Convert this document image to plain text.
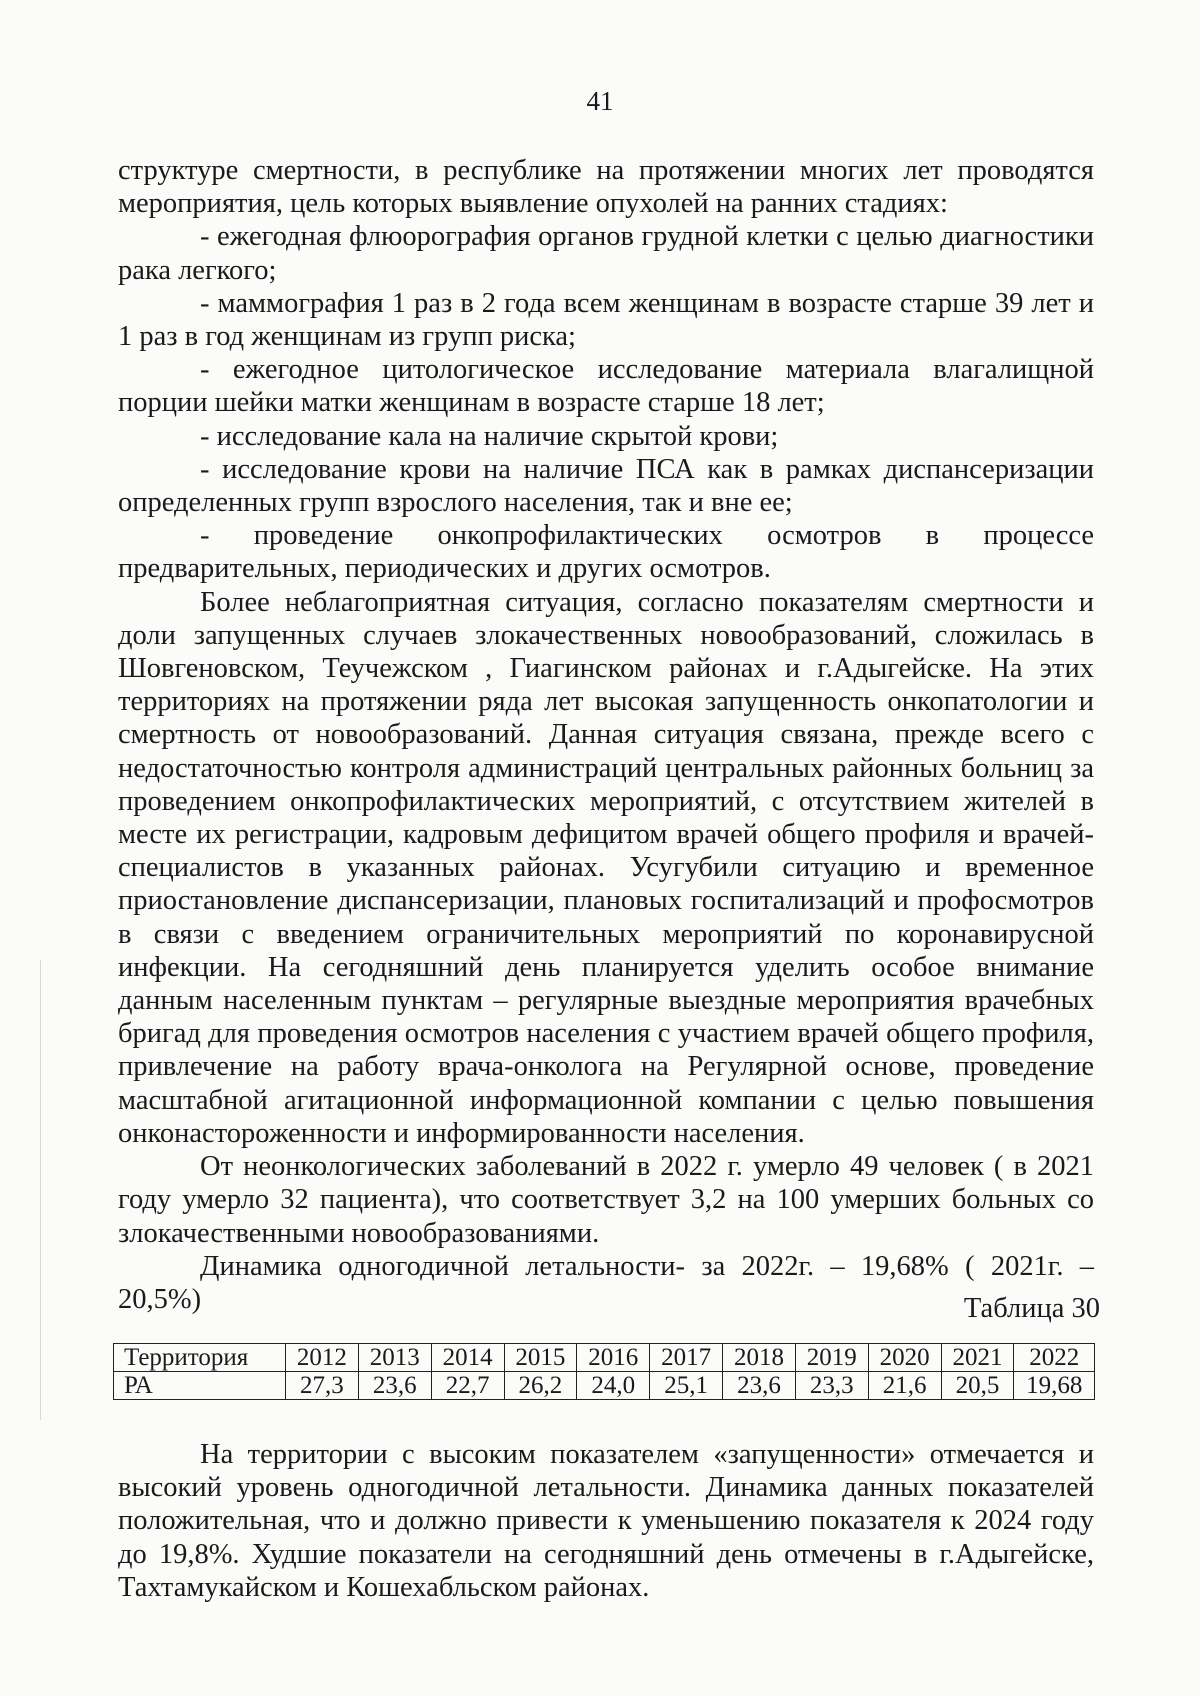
41

структуре смертности, в республике на протяжении многих лет проводятся мероприятия, цель которых выявление опухолей на ранних стадиях:

- ежегодная флюорография органов грудной клетки с целью диагностики рака легкого;

- маммография 1 раз в 2 года всем женщинам в возрасте старше 39 лет и 1 раз в год женщинам из групп риска;

- ежегодное цитологическое исследование материала влагалищной порции шейки матки женщинам в возрасте старше 18 лет;

- исследование кала на наличие скрытой крови;

- исследование крови на наличие ПСА как в рамках диспансеризации определенных групп взрослого населения, так и вне ее;

- проведение онкопрофилактических осмотров в процессе предварительных, периодических и других осмотров.

Более неблагоприятная ситуация, согласно показателям смертности и доли запущенных случаев злокачественных новообразований, сложилась в Шовгеновском, Теучежском , Гиагинском районах и г.Адыгейске. На этих территориях на протяжении ряда лет высокая запущенность онкопатологии и смертность от новообразований. Данная ситуация связана, прежде всего с недостаточностью контроля администраций центральных районных больниц за проведением онкопрофилактических мероприятий, с отсутствием жителей в месте их регистрации, кадровым дефицитом врачей общего профиля и врачей-специалистов в указанных районах. Усугубили ситуацию и временное приостановление диспансеризации, плановых госпитализаций и профосмотров в связи с введением ограничительных мероприятий по коронавирусной инфекции. На сегодняшний день планируется уделить особое внимание данным населенным пунктам – регулярные выездные мероприятия врачебных бригад для проведения осмотров населения с участием врачей общего профиля, привлечение на работу врача-онколога на Регулярной основе, проведение масштабной агитационной информационной компании с целью повышения онконастороженности и информированности населения.

От неонкологических заболеваний в 2022 г. умерло 49 человек ( в 2021 году умерло 32 пациента), что соответствует 3,2 на 100 умерших больных со злокачественными новообразованиями.

Динамика одногодичной летальности- за 2022г. – 19,68% ( 2021г. – 20,5%)	Таблица 30
Территория	2012	2013	2014	2015	2016	2017	2018	2019	2020	2021	2022
РА	27,3	23,6	22,7	26,2	24,0	25,1	23,6	23,3	21,6	20,5	19,68

На территории с высоким показателем «запущенности» отмечается и высокий уровень одногодичной летальности. Динамика данных показателей положительная, что и должно привести к уменьшению показателя к 2024 году до 19,8%. Худшие показатели на сегодняшний день отмечены в г.Адыгейске, Тахтамукайском и Кошехабльском районах.
